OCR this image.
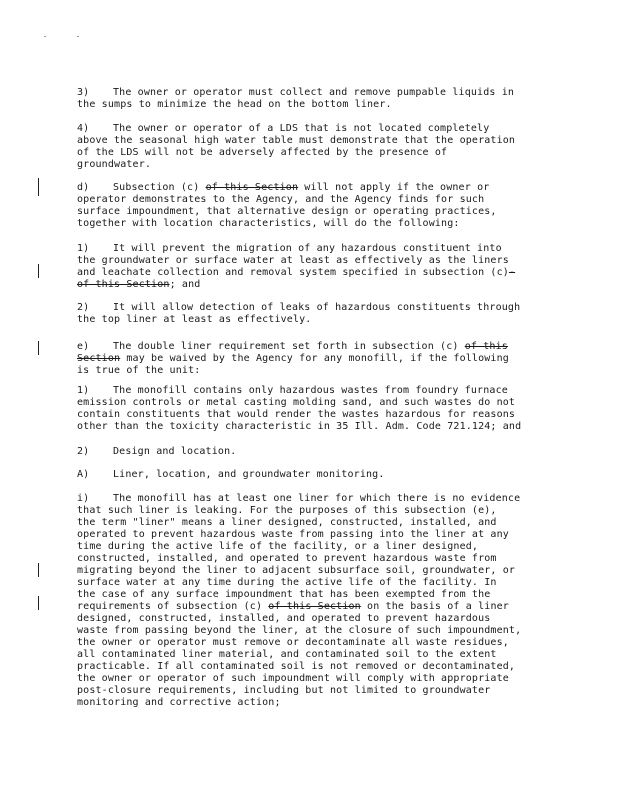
3) The owner or operator must collect and remove pumpable liquids in
the sumps to minimize the head on the bottom liner.
4) The owner or operator of a LDS that is not located completely
above the seasonal high water table must demonstrate that the operation
of the LDS will not be adversely affected by the presence of
groundwater.
d) Subsection (c) of this Section will not apply if the owner or
operator demonstrates to the Agency, and the Agency finds for such
surface impoundment, that alternative design or operating practices,
together with location characteristics, will do the following:
1) It will prevent the migration of any hazardous constituent into
the groundwater or surface water at least as effectively as the liners
and leachate collection and removal system specified in subsection (c)-
of this Section; and
2) It will allow detection of leaks of hazardous constituents through
the top liner at least as effectively.
e) The double liner requirement set forth in subsection (c) of this
Section may be waived by the Agency for any monofill, if the following
is true of the unit:
1) The monofill contains only hazardous wastes from foundry furnace
emission controls or metal casting molding sand, and such wastes do not
contain constituents that would render the wastes hazardous for reasons
other than the toxicity characteristic in 35 Ill. Adm. Code 721.124; and
2) Design and location.
A) Liner, location, and groundwater monitoring.
i) The monofill has at least one liner for which there is no evidence
that such liner is leaking. For the purposes of this subsection (e),
the term "liner" means a liner designed, constructed, installed, and
operated to prevent hazardous waste from passing into the liner at any
time during the active life of the facility, or a liner designed,
constructed, installed, and operated to prevent hazardous waste from
migrating beyond the liner to adjacent subsurface soil, groundwater, or
surface water at any time during the active life of the facility. In
the case of any surface impoundment that has been exempted from the
requirements of subsection (c) of this Section on the basis of a liner
designed, constructed, installed, and operated to prevent hazardous
waste from passing beyond the liner, at the closure of such impoundment,
the owner or operator must remove or decontaminate all waste residues,
all contaminated liner material, and contaminated soil to the extent
practicable. If all contaminated soil is not removed or decontaminated,
the owner or operator of such impoundment will comply with appropriate
post-closure requirements, including but not limited to groundwater
monitoring and corrective action;
